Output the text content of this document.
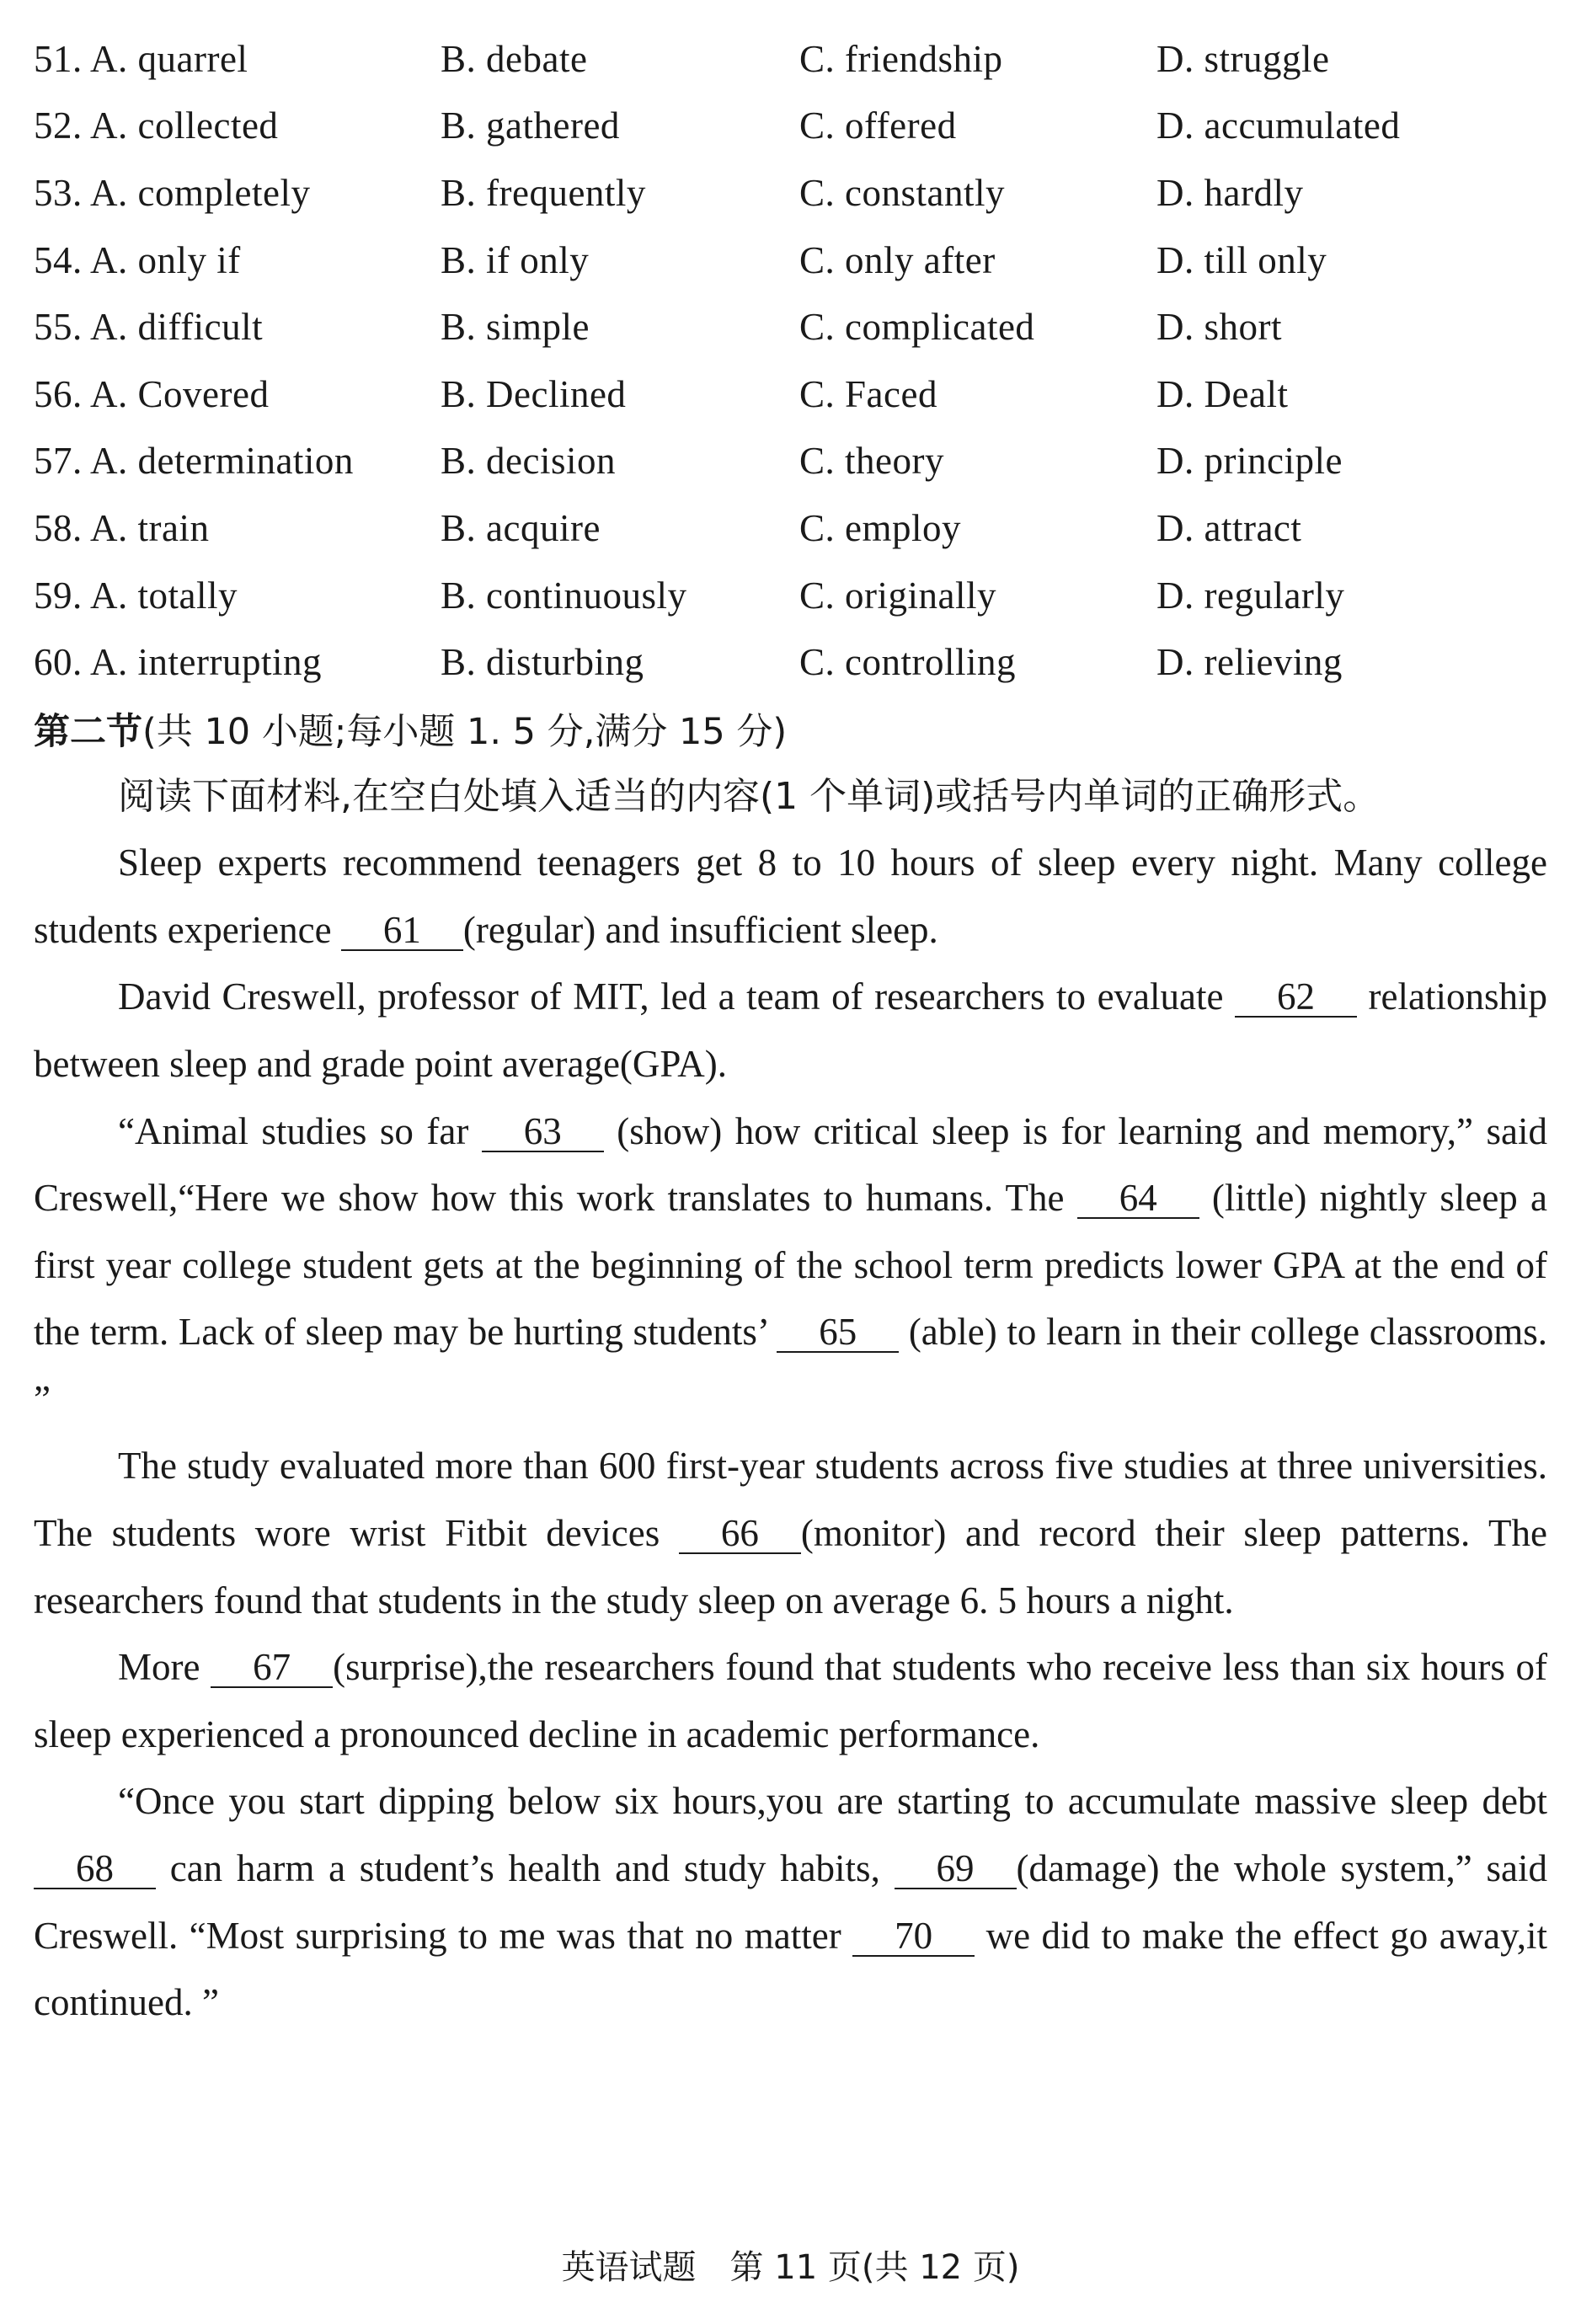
51. A. quarrel	B. debate	C. friendship	D. struggle
52. A. collected	B. gathered	C. offered	D. accumulated
53. A. completely	B. frequently	C. constantly	D. hardly
54. A. only if	B. if only	C. only after	D. till only
55. A. difficult	B. simple	C. complicated	D. short
56. A. Covered	B. Declined	C. Faced	D. Dealt
57. A. determination	B. decision	C. theory	D. principle
58. A. train	B. acquire	C. employ	D. attract
59. A. totally	B. continuously	C. originally	D. regularly
60. A. interrupting	B. disturbing	C. controlling	D. relieving
第二节 (共 10 小题;每小题 1. 5 分,满分 15 分)

阅读下面材料,在空白处填入适当的内容(1 个单词)或括号内单词的正确形式。

Sleep experts recommend teenagers get 8 to 10 hours of sleep every night. Many college students experience 61 (regular) and insufficient sleep.

David Creswell, professor of MIT, led a team of researchers to evaluate 62 relationship between sleep and grade point average(GPA).

“Animal studies so far 63 (show) how critical sleep is for learning and memory,” said Creswell,“Here we show how this work translates to humans. The 64 (little) nightly sleep a first year college student gets at the beginning of the school term predicts lower GPA at the end of the term. Lack of sleep may be hurting students’ 65 (able) to learn in their college classrooms. ”

The study evaluated more than 600 first-year students across five studies at three universities. The students wore wrist Fitbit devices 66 (monitor) and record their sleep patterns. The researchers found that students in the study sleep on average 6. 5 hours a night.

More 67 (surprise),the researchers found that students who receive less than six hours of sleep experienced a pronounced decline in academic performance.

“Once you start dipping below six hours,you are starting to accumulate massive sleep debt 68 can harm a student’s health and study habits, 69 (damage) the whole system,” said Creswell. “Most surprising to me was that no matter 70 we did to make the effect go away,it continued. ”

英语试题　第 11 页(共 12 页)
